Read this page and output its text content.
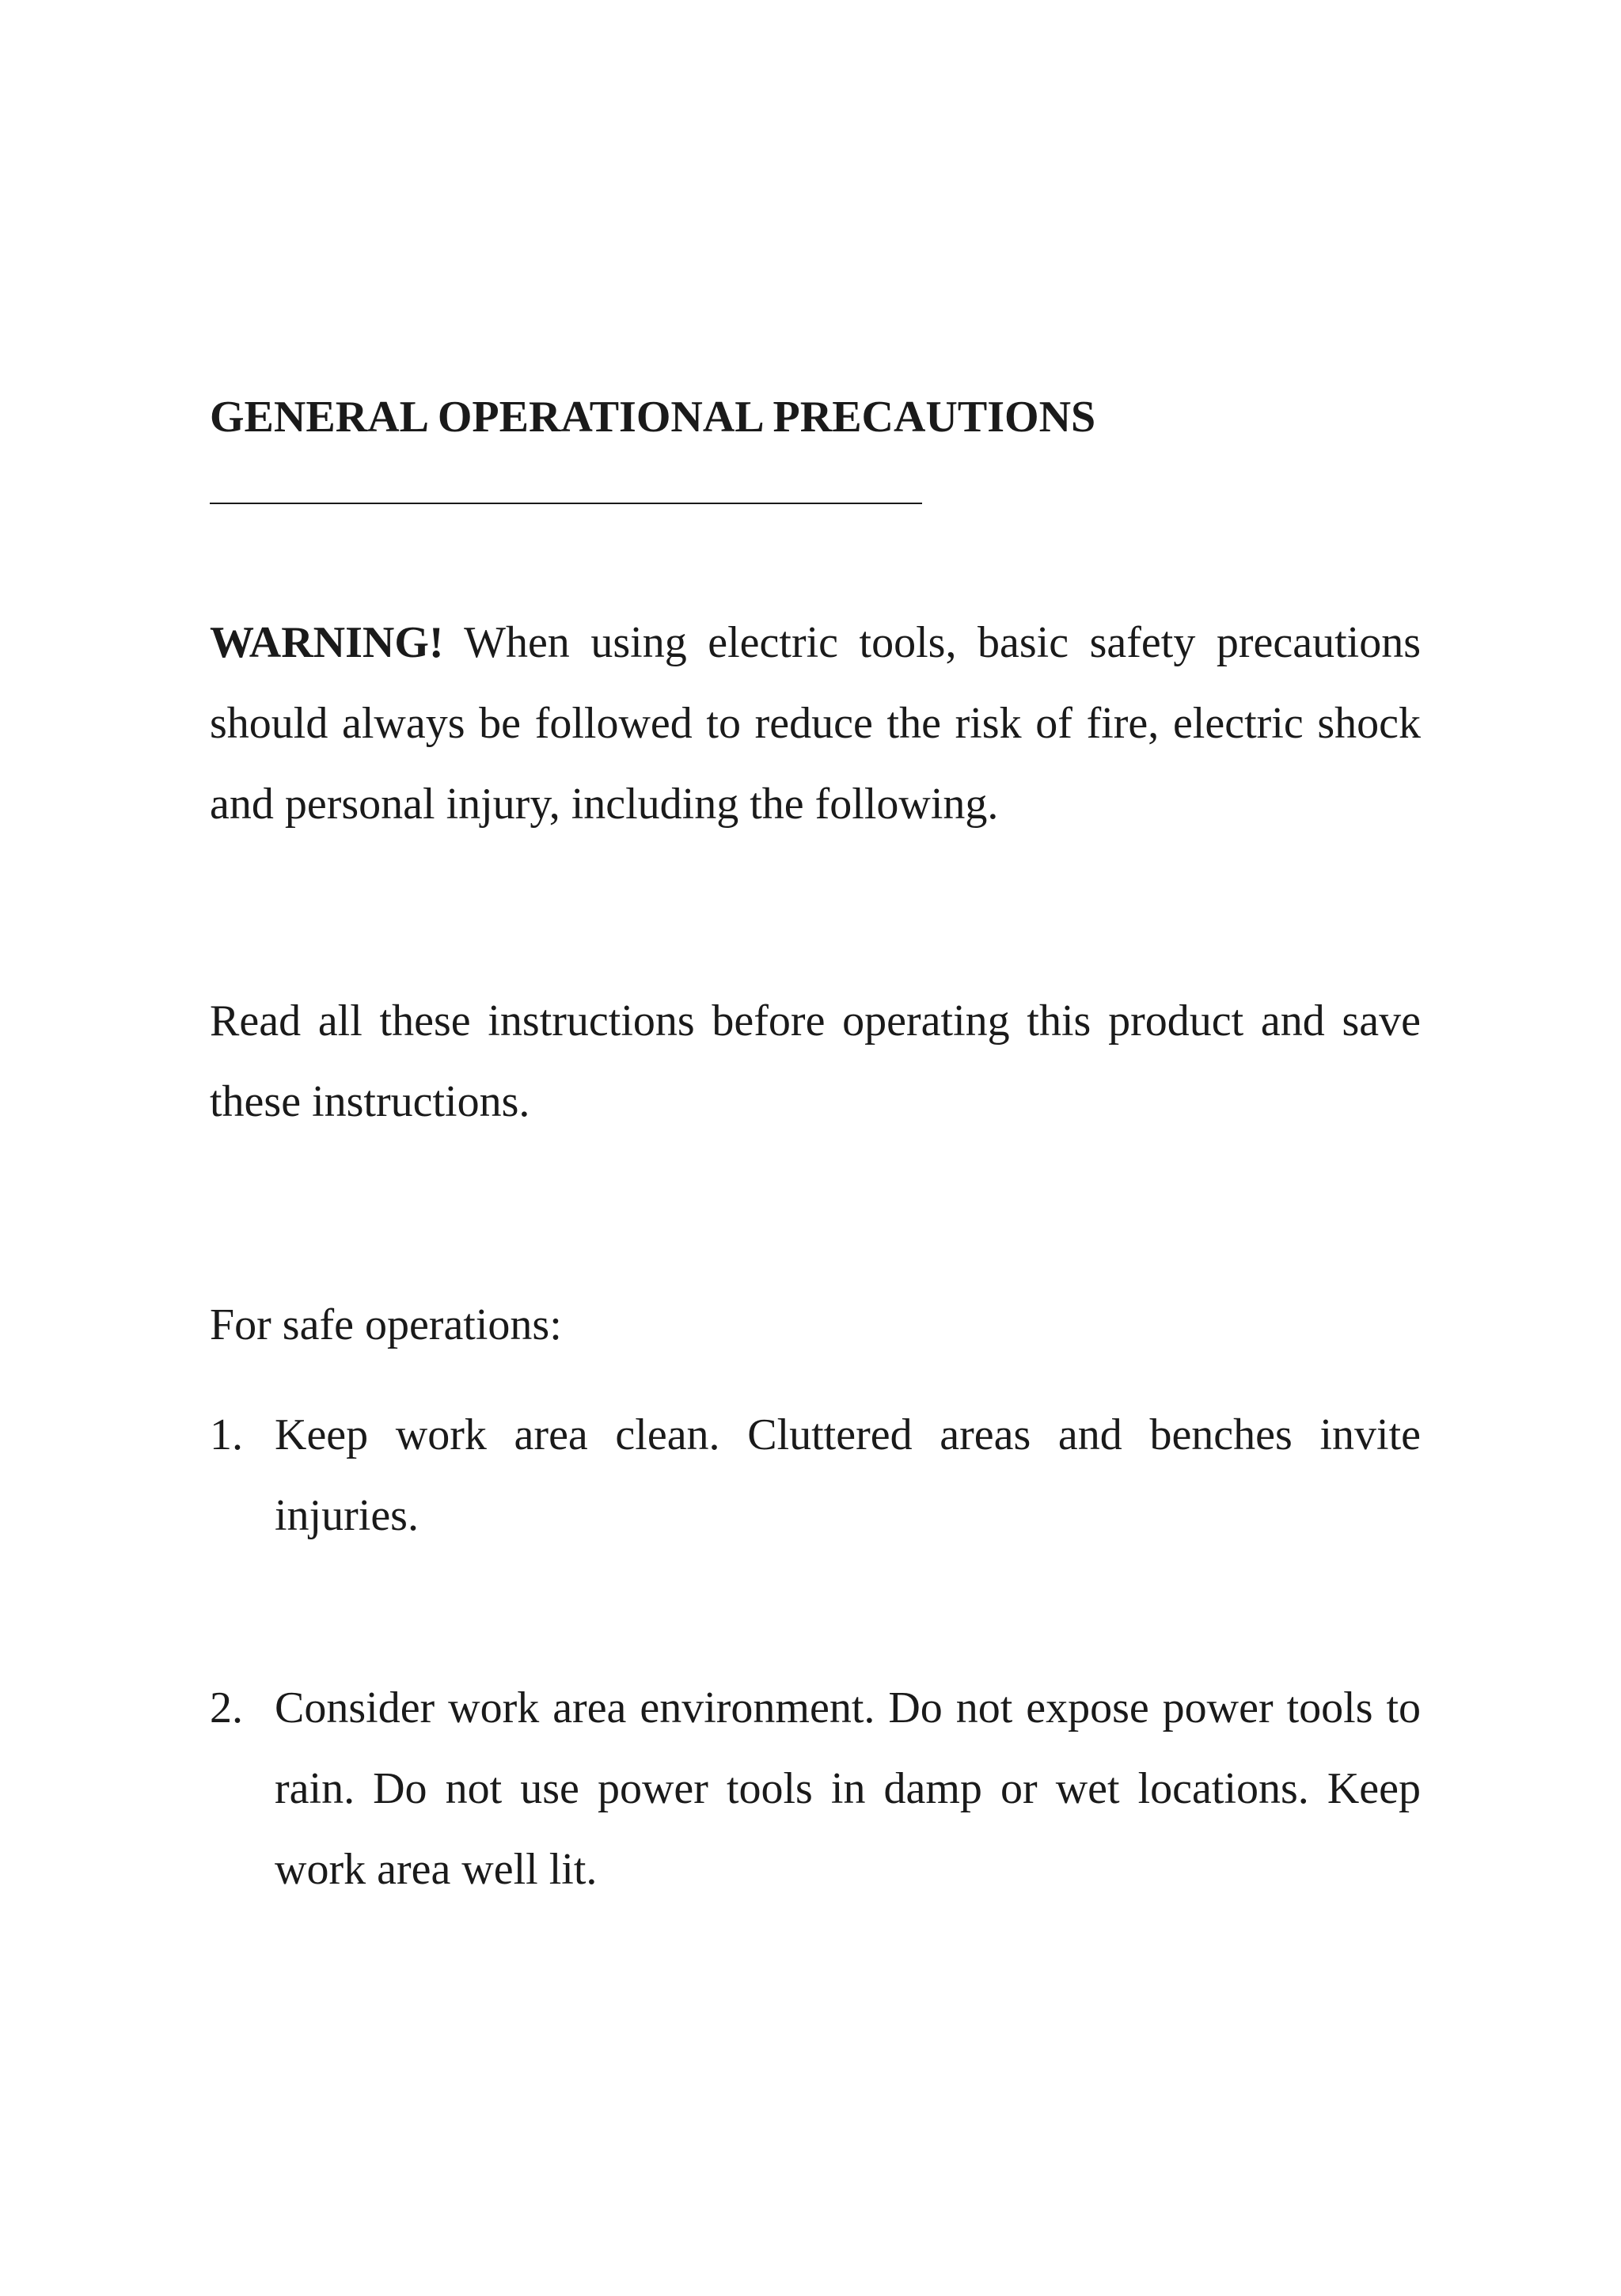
GENERAL OPERATIONAL PRECAUTIONS

WARNING! When using electric tools, basic safety precautions should always be followed to reduce the risk of fire, electric shock and personal injury, including the following.

Read all these instructions before operating this product and save these instructions.

For safe operations:

1. Keep work area clean. Cluttered areas and benches invite injuries.
2. Consider work area environment. Do not expose power tools to rain. Do not use power tools in damp or wet locations. Keep work area well lit.
